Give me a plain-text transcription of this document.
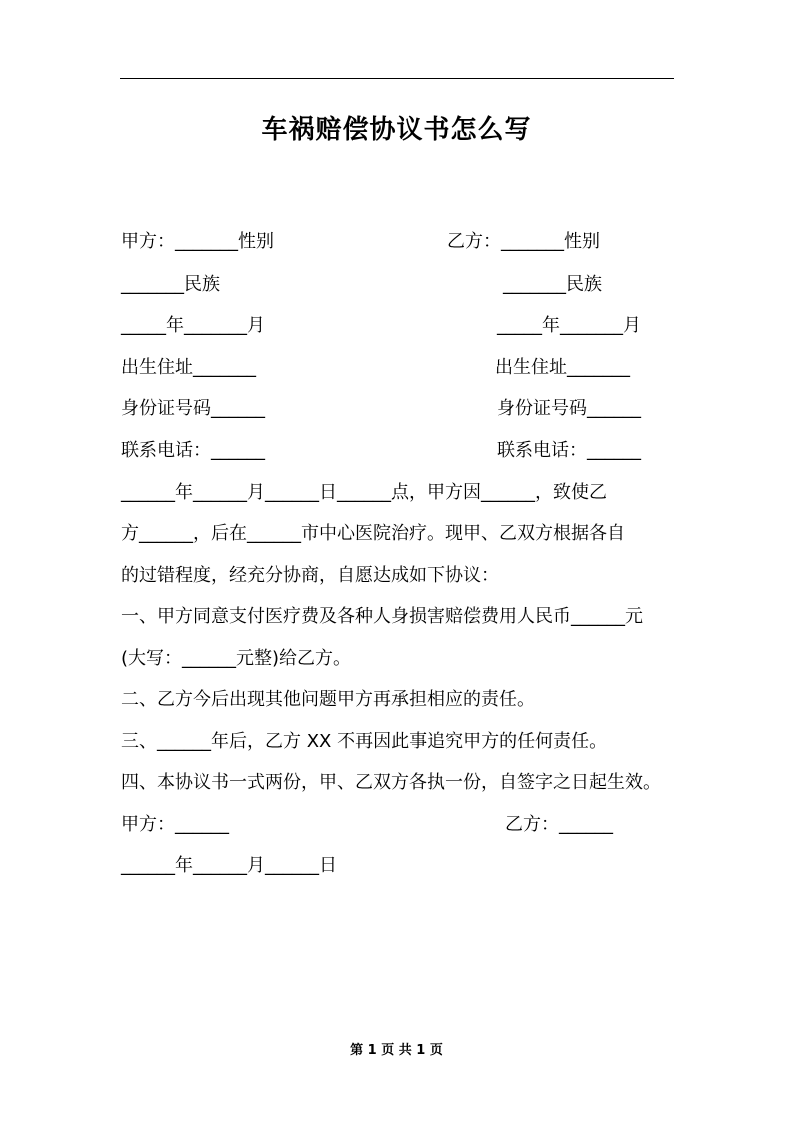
车祸赔偿协议书怎么写
甲方：_______性别	乙方：_______性别
_______民族	_______民族
_____年_______月	_____年_______月
出生住址_______	出生住址_______
身份证号码______	身份证号码______
联系电话：______	联系电话：______
______年______月______日______点，甲方因______，致使乙
方______，后在______市中心医院治疗。现甲、乙双方根据各自
的过错程度，经充分协商，自愿达成如下协议：
一、甲方同意支付医疗费及各种人身损害赔偿费用人民币______元
(大写：______元整)给乙方。
二、乙方今后出现其他问题甲方再承担相应的责任。
三、______年后，乙方 XX 不再因此事追究甲方的任何责任。
四、本协议书一式两份，甲、乙双方各执一份，自签字之日起生效。
甲方：______	乙方：______
______年______月______日
第 1 页 共 1 页
